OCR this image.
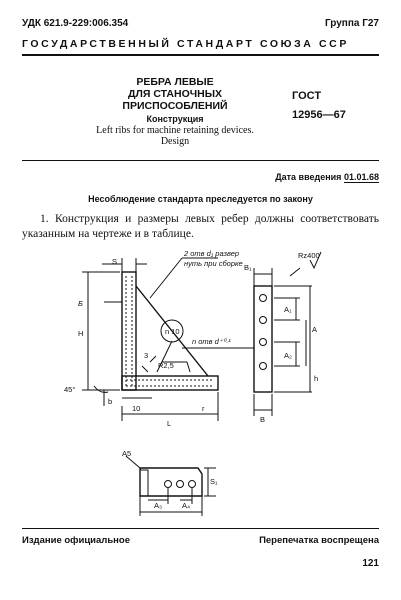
УДК 621.9-229:006.354	Группа Г27
ГОСУДАРСТВЕННЫЙ СТАНДАРТ СОЮЗА ССР
РЕБРА ЛЕВЫЕ
ДЛЯ СТАНОЧНЫХ
ПРИСПОСОБЛЕНИЙ
Конструкция
Left ribs for machine retaining devices.
Design
ГОСТ
12956—67
Дата введения 01.01.68
Несоблюдение стандарта преследуется по закону
1. Конструкция и размеры левых ребер должны соответствовать указанным на чертеже и в таблице.
S
Б
H
45°
b
10	r
L
2 отв d₁ развер
нуть при сборке
n 10
3
R2,5
n отв d⁺⁰·¹
B₁
Rz400
A₁
A
A₂
h
B
A5
S₁
A₃	A₄
Издание официальное	Перепечатка воспрещена
121
